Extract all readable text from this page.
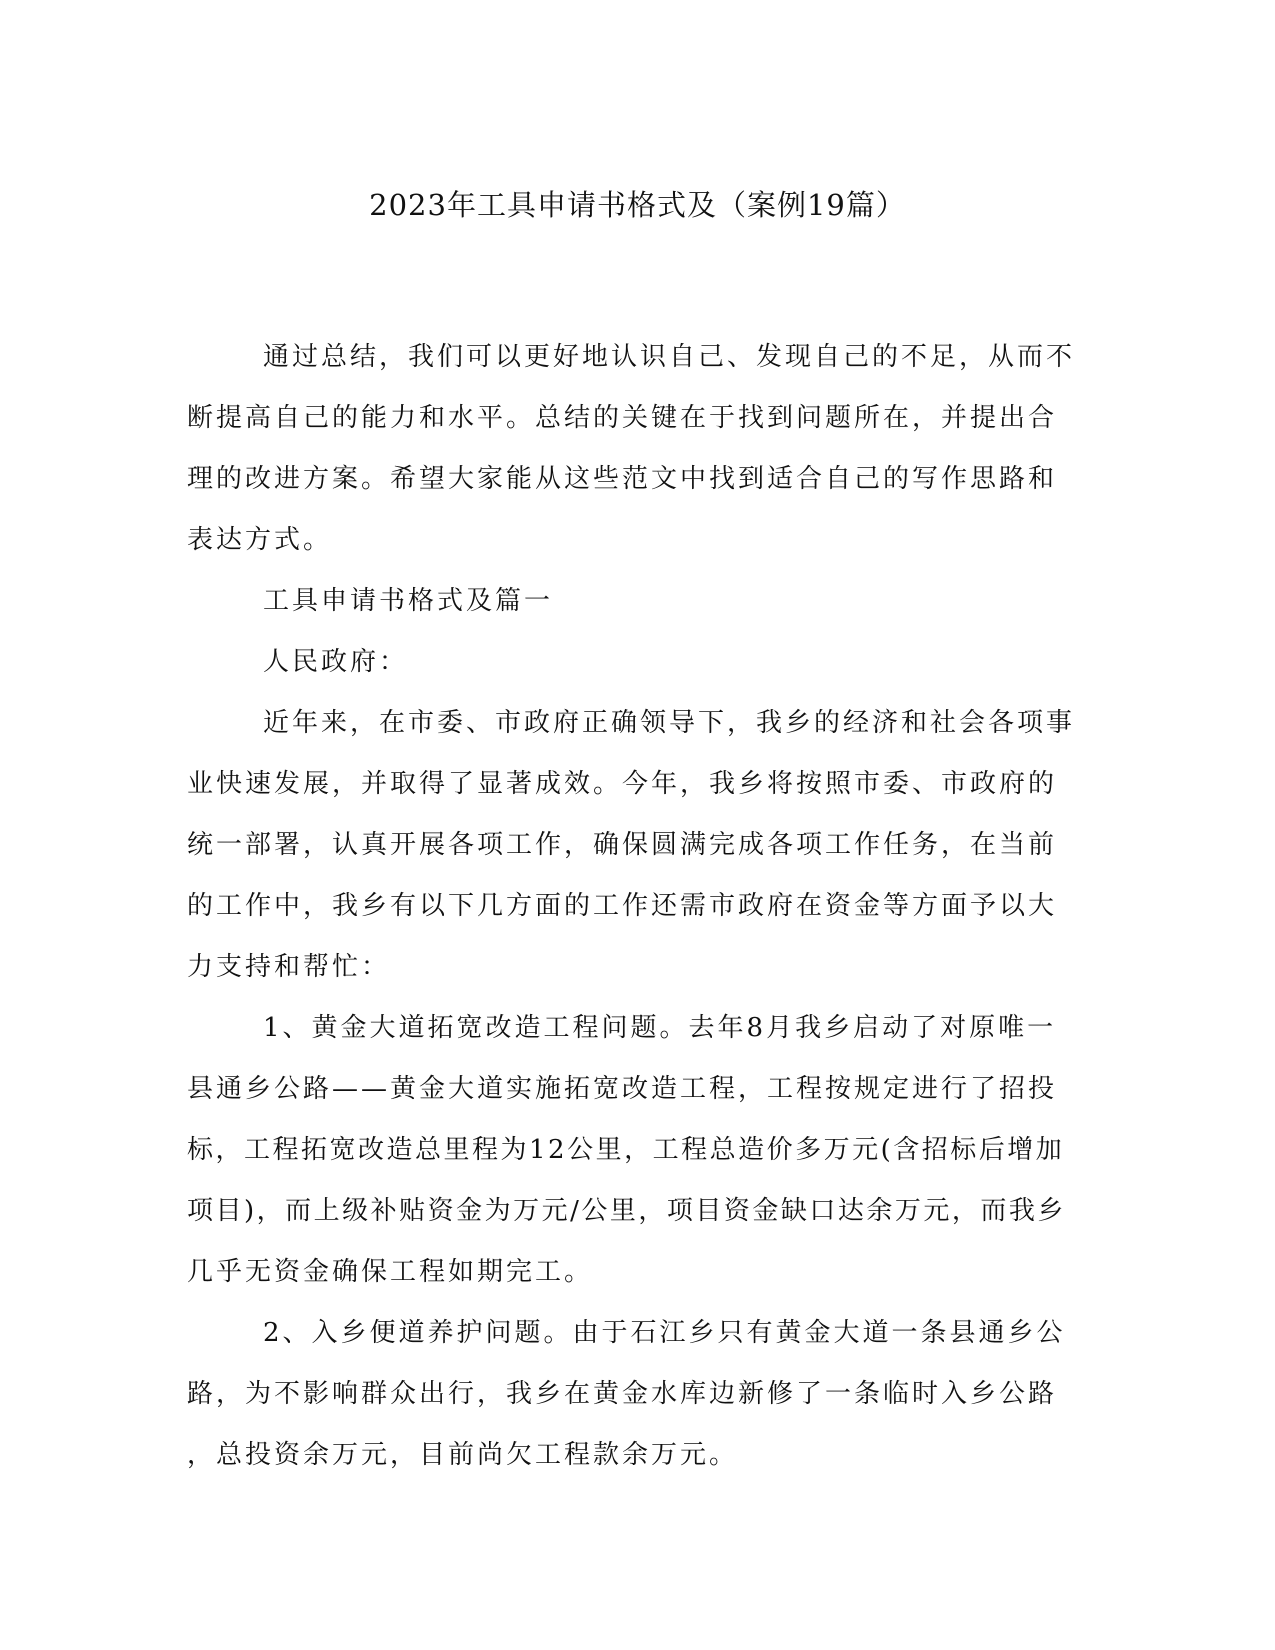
2023年工具申请书格式及（案例19篇）
通过总结，我们可以更好地认识自己、发现自己的不足，从而不
断提高自己的能力和水平。总结的关键在于找到问题所在，并提出合
理的改进方案。希望大家能从这些范文中找到适合自己的写作思路和
表达方式。
工具申请书格式及篇一
人民政府：
近年来，在市委、市政府正确领导下，我乡的经济和社会各项事
业快速发展，并取得了显著成效。今年，我乡将按照市委、市政府的
统一部署，认真开展各项工作，确保圆满完成各项工作任务，在当前
的工作中，我乡有以下几方面的工作还需市政府在资金等方面予以大
力支持和帮忙：
1、黄金大道拓宽改造工程问题。去年8月我乡启动了对原唯一
县通乡公路——黄金大道实施拓宽改造工程，工程按规定进行了招投
标，工程拓宽改造总里程为12公里，工程总造价多万元(含招标后增加
项目)，而上级补贴资金为万元/公里，项目资金缺口达余万元，而我乡
几乎无资金确保工程如期完工。
2、入乡便道养护问题。由于石江乡只有黄金大道一条县通乡公
路，为不影响群众出行，我乡在黄金水库边新修了一条临时入乡公路
，总投资余万元，目前尚欠工程款余万元。
